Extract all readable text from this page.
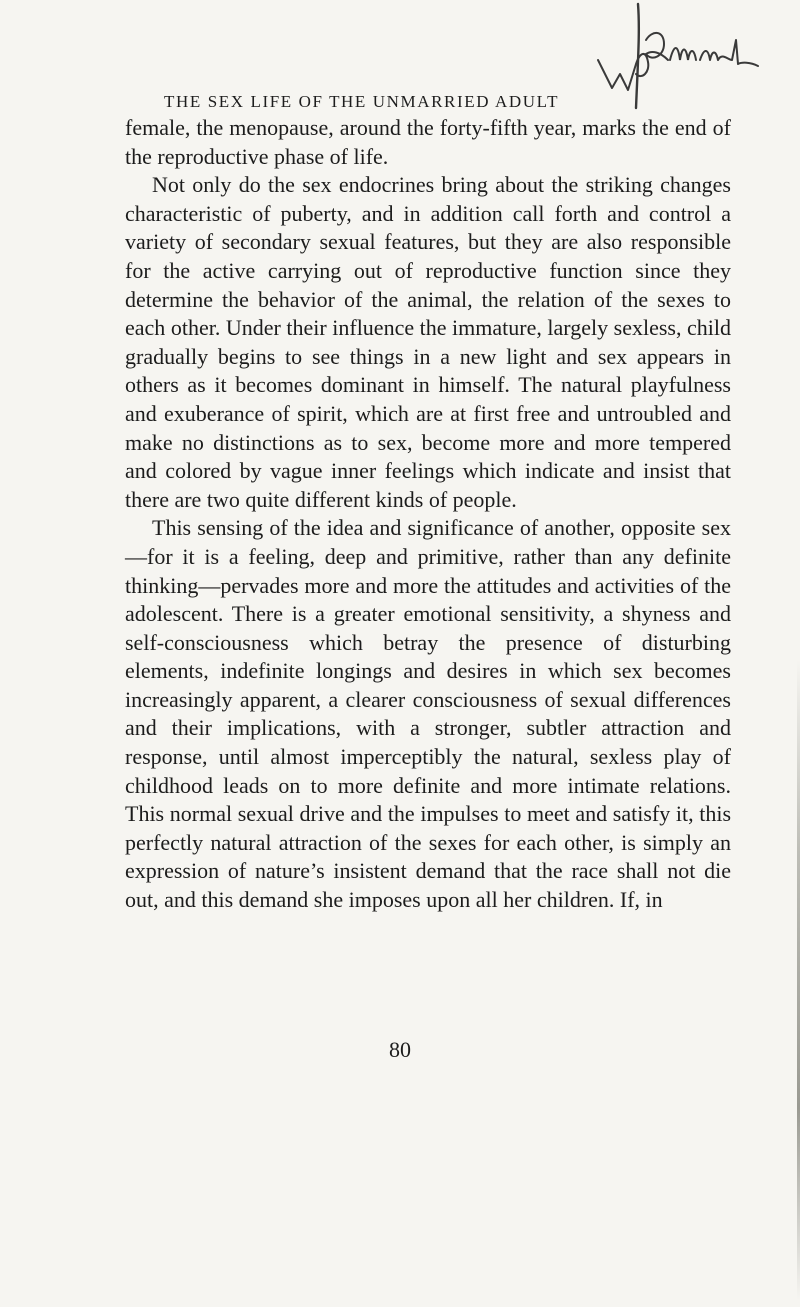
THE SEX LIFE OF THE UNMARRIED ADULT

female, the menopause, around the forty-fifth year, marks the end of the reproductive phase of life.

Not only do the sex endocrines bring about the striking changes characteristic of puberty, and in addition call forth and control a variety of secondary sexual features, but they are also responsible for the active carrying out of reproductive function since they determine the behavior of the animal, the relation of the sexes to each other. Under their influence the immature, largely sexless, child gradually begins to see things in a new light and sex appears in others as it becomes dominant in himself. The natural playfulness and exuberance of spirit, which are at first free and untroubled and make no distinctions as to sex, become more and more tempered and colored by vague inner feelings which indicate and insist that there are two quite different kinds of people.

This sensing of the idea and significance of another, opposite sex—for it is a feeling, deep and primitive, rather than any definite thinking—pervades more and more the attitudes and activities of the adolescent. There is a greater emotional sensitivity, a shyness and self-consciousness which betray the presence of disturbing elements, indefinite longings and desires in which sex becomes increasingly apparent, a clearer consciousness of sexual differences and their implications, with a stronger, subtler attraction and response, until almost imperceptibly the natural, sexless play of childhood leads on to more definite and more intimate relations. This normal sexual drive and the impulses to meet and satisfy it, this perfectly natural attraction of the sexes for each other, is simply an expression of nature’s insistent demand that the race shall not die out, and this demand she imposes upon all her children. If, in

80
